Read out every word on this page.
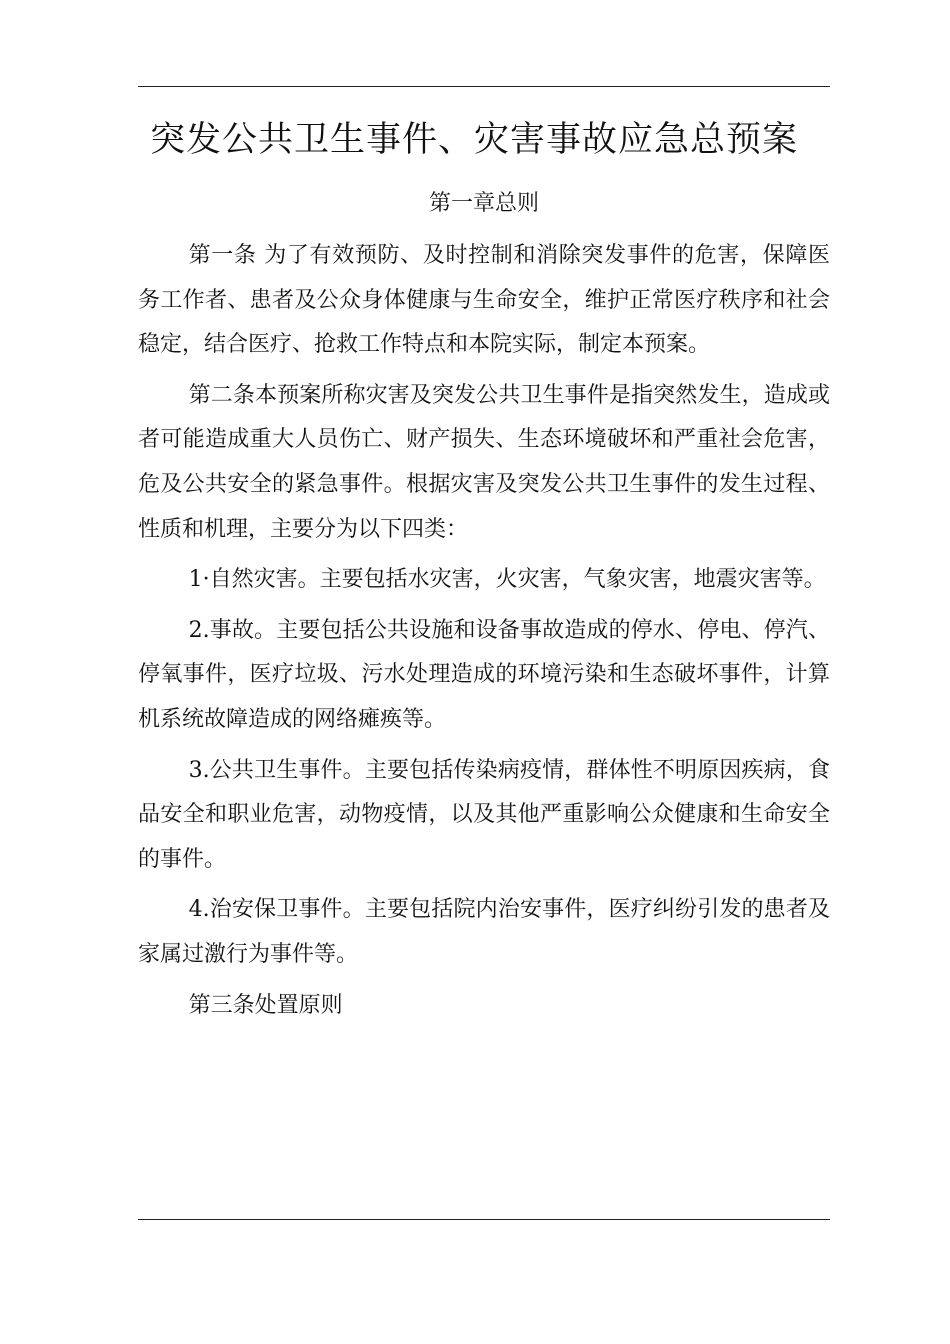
突发公共卫生事件、灾害事故应急总预案
第一章总则

第一条 为了有效预防、及时控制和消除突发事件的危害，保障医务工作者、患者及公众身体健康与生命安全，维护正常医疗秩序和社会稳定，结合医疗、抢救工作特点和本院实际，制定本预案。

第二条本预案所称灾害及突发公共卫生事件是指突然发生，造成或者可能造成重大人员伤亡、财产损失、生态环境破坏和严重社会危害，危及公共安全的紧急事件。根据灾害及突发公共卫生事件的发生过程、性质和机理，主要分为以下四类：

1·自然灾害。主要包括水灾害，火灾害，气象灾害，地震灾害等。

2.事故。主要包括公共设施和设备事故造成的停水、停电、停汽、停氧事件，医疗垃圾、污水处理造成的环境污染和生态破坏事件，计算机系统故障造成的网络瘫痪等。

3.公共卫生事件。主要包括传染病疫情，群体性不明原因疾病，食品安全和职业危害，动物疫情，以及其他严重影响公众健康和生命安全的事件。

4.治安保卫事件。主要包括院内治安事件，医疗纠纷引发的患者及家属过激行为事件等。

第三条处置原则
